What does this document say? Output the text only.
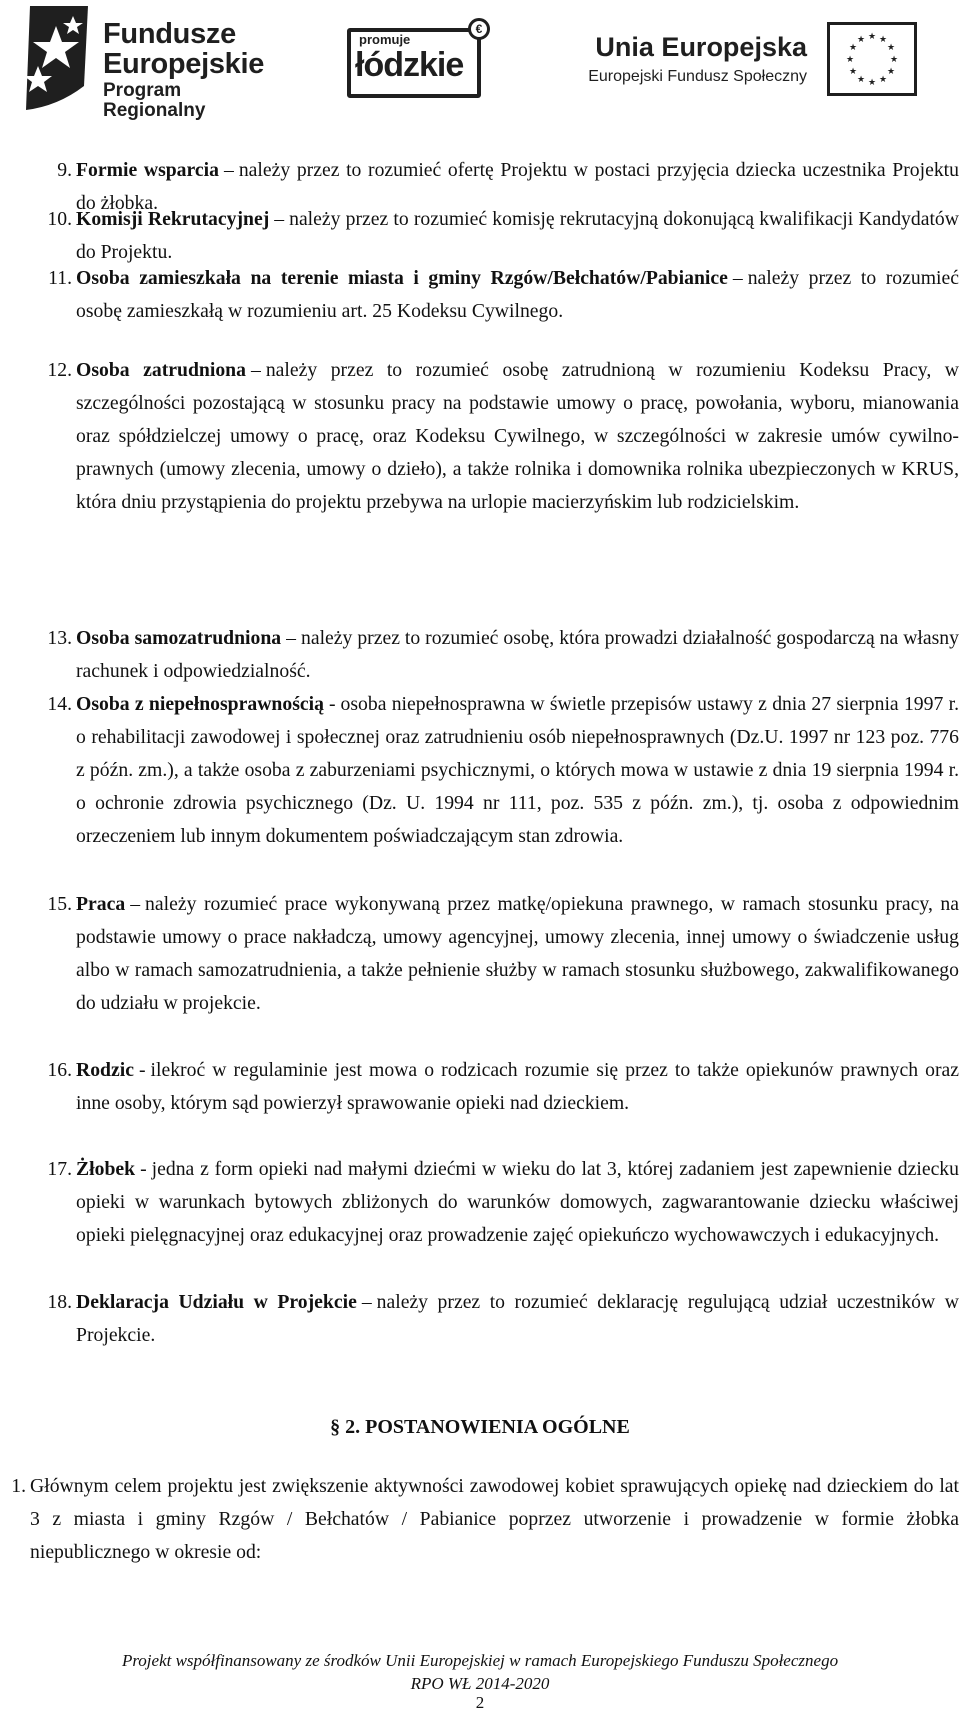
Fundusze
Europejskie
Program Regionalny
promuje
łódzkie
€
Unia Europejska
Europejski Fundusz Społeczny
★ ★
★
★
★
★
★
★
★
★
★
★
9. Formie wsparcia – należy przez to rozumieć ofertę Projektu w postaci przyjęcia dziecka uczestnika Projektu do żłobka.
10. Komisji Rekrutacyjnej – należy przez to rozumieć komisję rekrutacyjną dokonującą kwalifikacji Kandydatów do Projektu.
11. Osoba zamieszkała na terenie miasta i gminy Rzgów/Bełchatów/Pabianice – należy przez to rozumieć osobę zamieszkałą w rozumieniu art. 25 Kodeksu Cywilnego.
12. Osoba zatrudniona – należy przez to rozumieć osobę zatrudnioną w rozumieniu Kodeksu Pracy, w szczególności pozostającą w stosunku pracy na podstawie umowy o pracę, powołania, wyboru, mianowania oraz spółdzielczej umowy o pracę, oraz Kodeksu Cywilnego, w szczególności w zakresie umów cywilno- prawnych (umowy zlecenia, umowy o dzieło), a także rolnika i domownika rolnika ubezpieczonych w KRUS, która dniu przystąpienia do projektu przebywa na urlopie macierzyńskim lub rodzicielskim.
13. Osoba samozatrudniona – należy przez to rozumieć osobę, która prowadzi działalność gospodarczą na własny rachunek i odpowiedzialność.
14. Osoba z niepełnosprawnością - osoba niepełnosprawna w świetle przepisów ustawy z dnia 27 sierpnia 1997 r. o rehabilitacji zawodowej i społecznej oraz zatrudnieniu osób niepełnosprawnych (Dz.U. 1997 nr 123 poz. 776 z późn. zm.), a także osoba z zaburzeniami psychicznymi, o których mowa w ustawie z dnia 19 sierpnia 1994 r. o ochronie zdrowia psychicznego (Dz. U. 1994 nr 111, poz. 535 z późn. zm.), tj. osoba z odpowiednim orzeczeniem lub innym dokumentem poświadczającym stan zdrowia.
15. Praca – należy rozumieć prace wykonywaną przez matkę/opiekuna prawnego, w ramach stosunku pracy, na podstawie umowy o prace nakładczą, umowy agencyjnej, umowy zlecenia, innej umowy o świadczenie usług albo w ramach samozatrudnienia, a także pełnienie służby w ramach stosunku służbowego, zakwalifikowanego do udziału w projekcie.
16. Rodzic - ilekroć w regulaminie jest mowa o rodzicach rozumie się przez to także opiekunów prawnych oraz inne osoby, którym sąd powierzył sprawowanie opieki nad dzieckiem.
17. Żłobek - jedna z form opieki nad małymi dziećmi w wieku do lat 3, której zadaniem jest zapewnienie dziecku opieki w warunkach bytowych zbliżonych do warunków domowych, zagwarantowanie dziecku właściwej opieki pielęgnacyjnej oraz edukacyjnej oraz prowadzenie zajęć opiekuńczo wychowawczych i edukacyjnych.
18. Deklaracja Udziału w Projekcie – należy przez to rozumieć deklarację regulującą udział uczestników w Projekcie.
§ 2. POSTANOWIENIA OGÓLNE
1. Głównym celem projektu jest zwiększenie aktywności zawodowej kobiet sprawujących opiekę nad dzieckiem do lat 3 z miasta i gminy Rzgów / Bełchatów / Pabianice poprzez utworzenie i prowadzenie w formie żłobka niepublicznego w okresie od:
Projekt współfinansowany ze środków Unii Europejskiej w ramach Europejskiego Funduszu Społecznego
RPO WŁ 2014-2020
2
